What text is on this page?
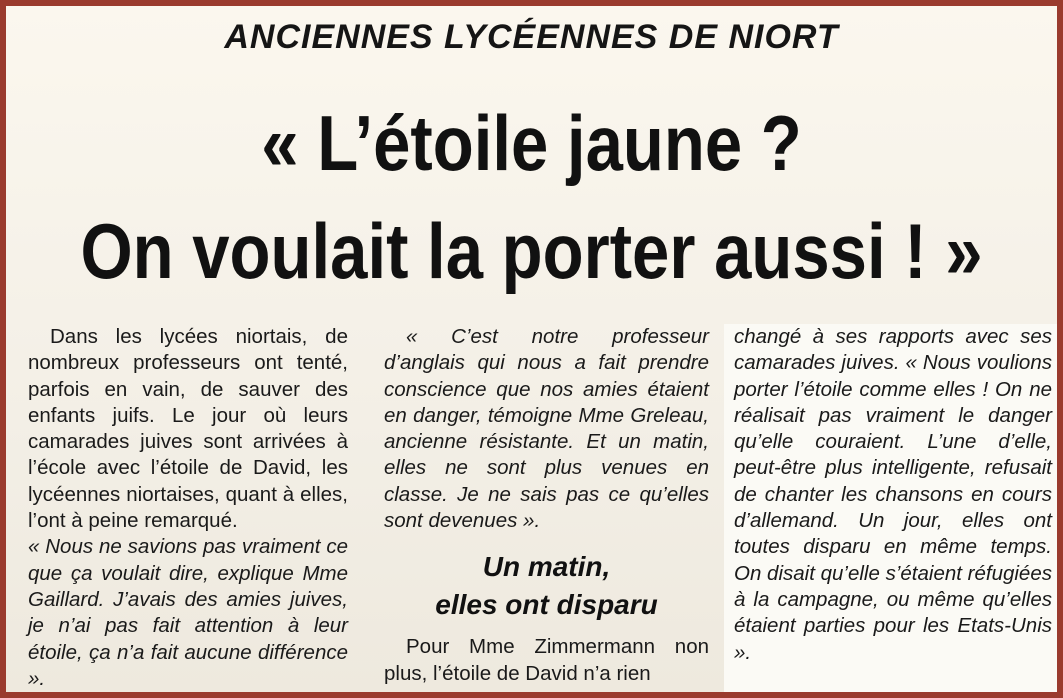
ANCIENNES LYCÉENNES DE NIORT
« L’étoile jaune ?
On voulait la porter aussi ! »

Dans les lycées niortais, de nombreux professeurs ont tenté, parfois en vain, de sauver des enfants juifs. Le jour où leurs camarades juives sont arrivées à l’école avec l’étoile de David, les lycéennes niortaises, quant à elles, l’ont à peine remarqué.

« Nous ne savions pas vraiment ce que ça voulait dire, explique Mme Gaillard. J’avais des amies juives, je n’ai pas fait attention à leur étoile, ça n’a fait aucune différence ».

« C’est notre professeur d’anglais qui nous a fait prendre conscience que nos amies étaient en danger, témoigne Mme Greleau, ancienne résistante. Et un matin, elles ne sont plus venues en classe. Je ne sais pas ce qu’elles sont devenues ».

Un matin,
elles ont disparu

Pour Mme Zimmermann non plus, l’étoile de David n’a rien

changé à ses rapports avec ses camarades juives. « Nous voulions porter l’étoile comme elles ! On ne réalisait pas vraiment le danger qu’elle couraient. L’une d’elle, peut-être plus intelligente, refusait de chanter les chansons en cours d’allemand. Un jour, elles ont toutes disparu en même temps. On disait qu’elle s’étaient réfugiées à la campagne, ou même qu’elles étaient parties pour les Etats-Unis ».
